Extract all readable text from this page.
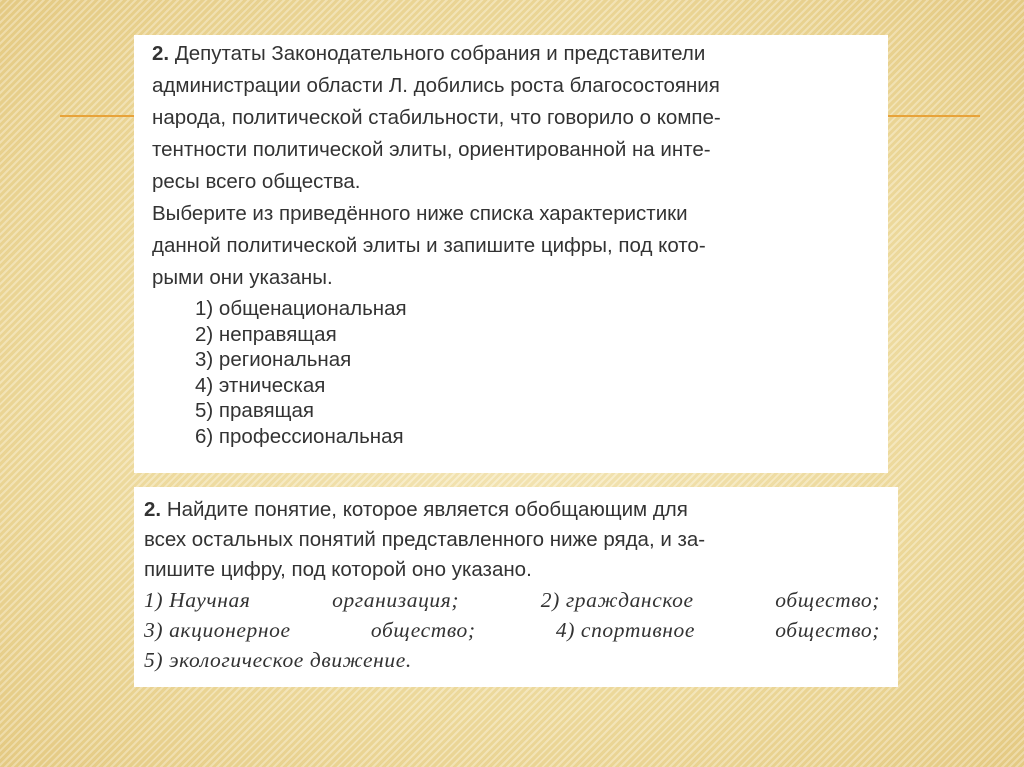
2. Депутаты Законодательного собрания и представители
администрации области Л. добились роста благосостояния
народа, политической стабильности, что говорило о компе-
тентности политической элиты, ориентированной на инте-
ресы всего общества.
Выберите из приведённого ниже списка характеристики
данной политической элиты и запишите цифры, под кото-
рыми они указаны.

1) общенациональная

2) неправящая

3) региональная

4) этническая

5) правящая

6) профессиональная

2. Найдите понятие, которое является обобщающим для
всех остальных понятий представленного ниже ряда, и за-
пишите цифру, под которой оно указано.

1) Научная	организация;	2) гражданское	общество;
3) акционерное	общество;	4) спортивное	общество;

5) экологическое движение.
